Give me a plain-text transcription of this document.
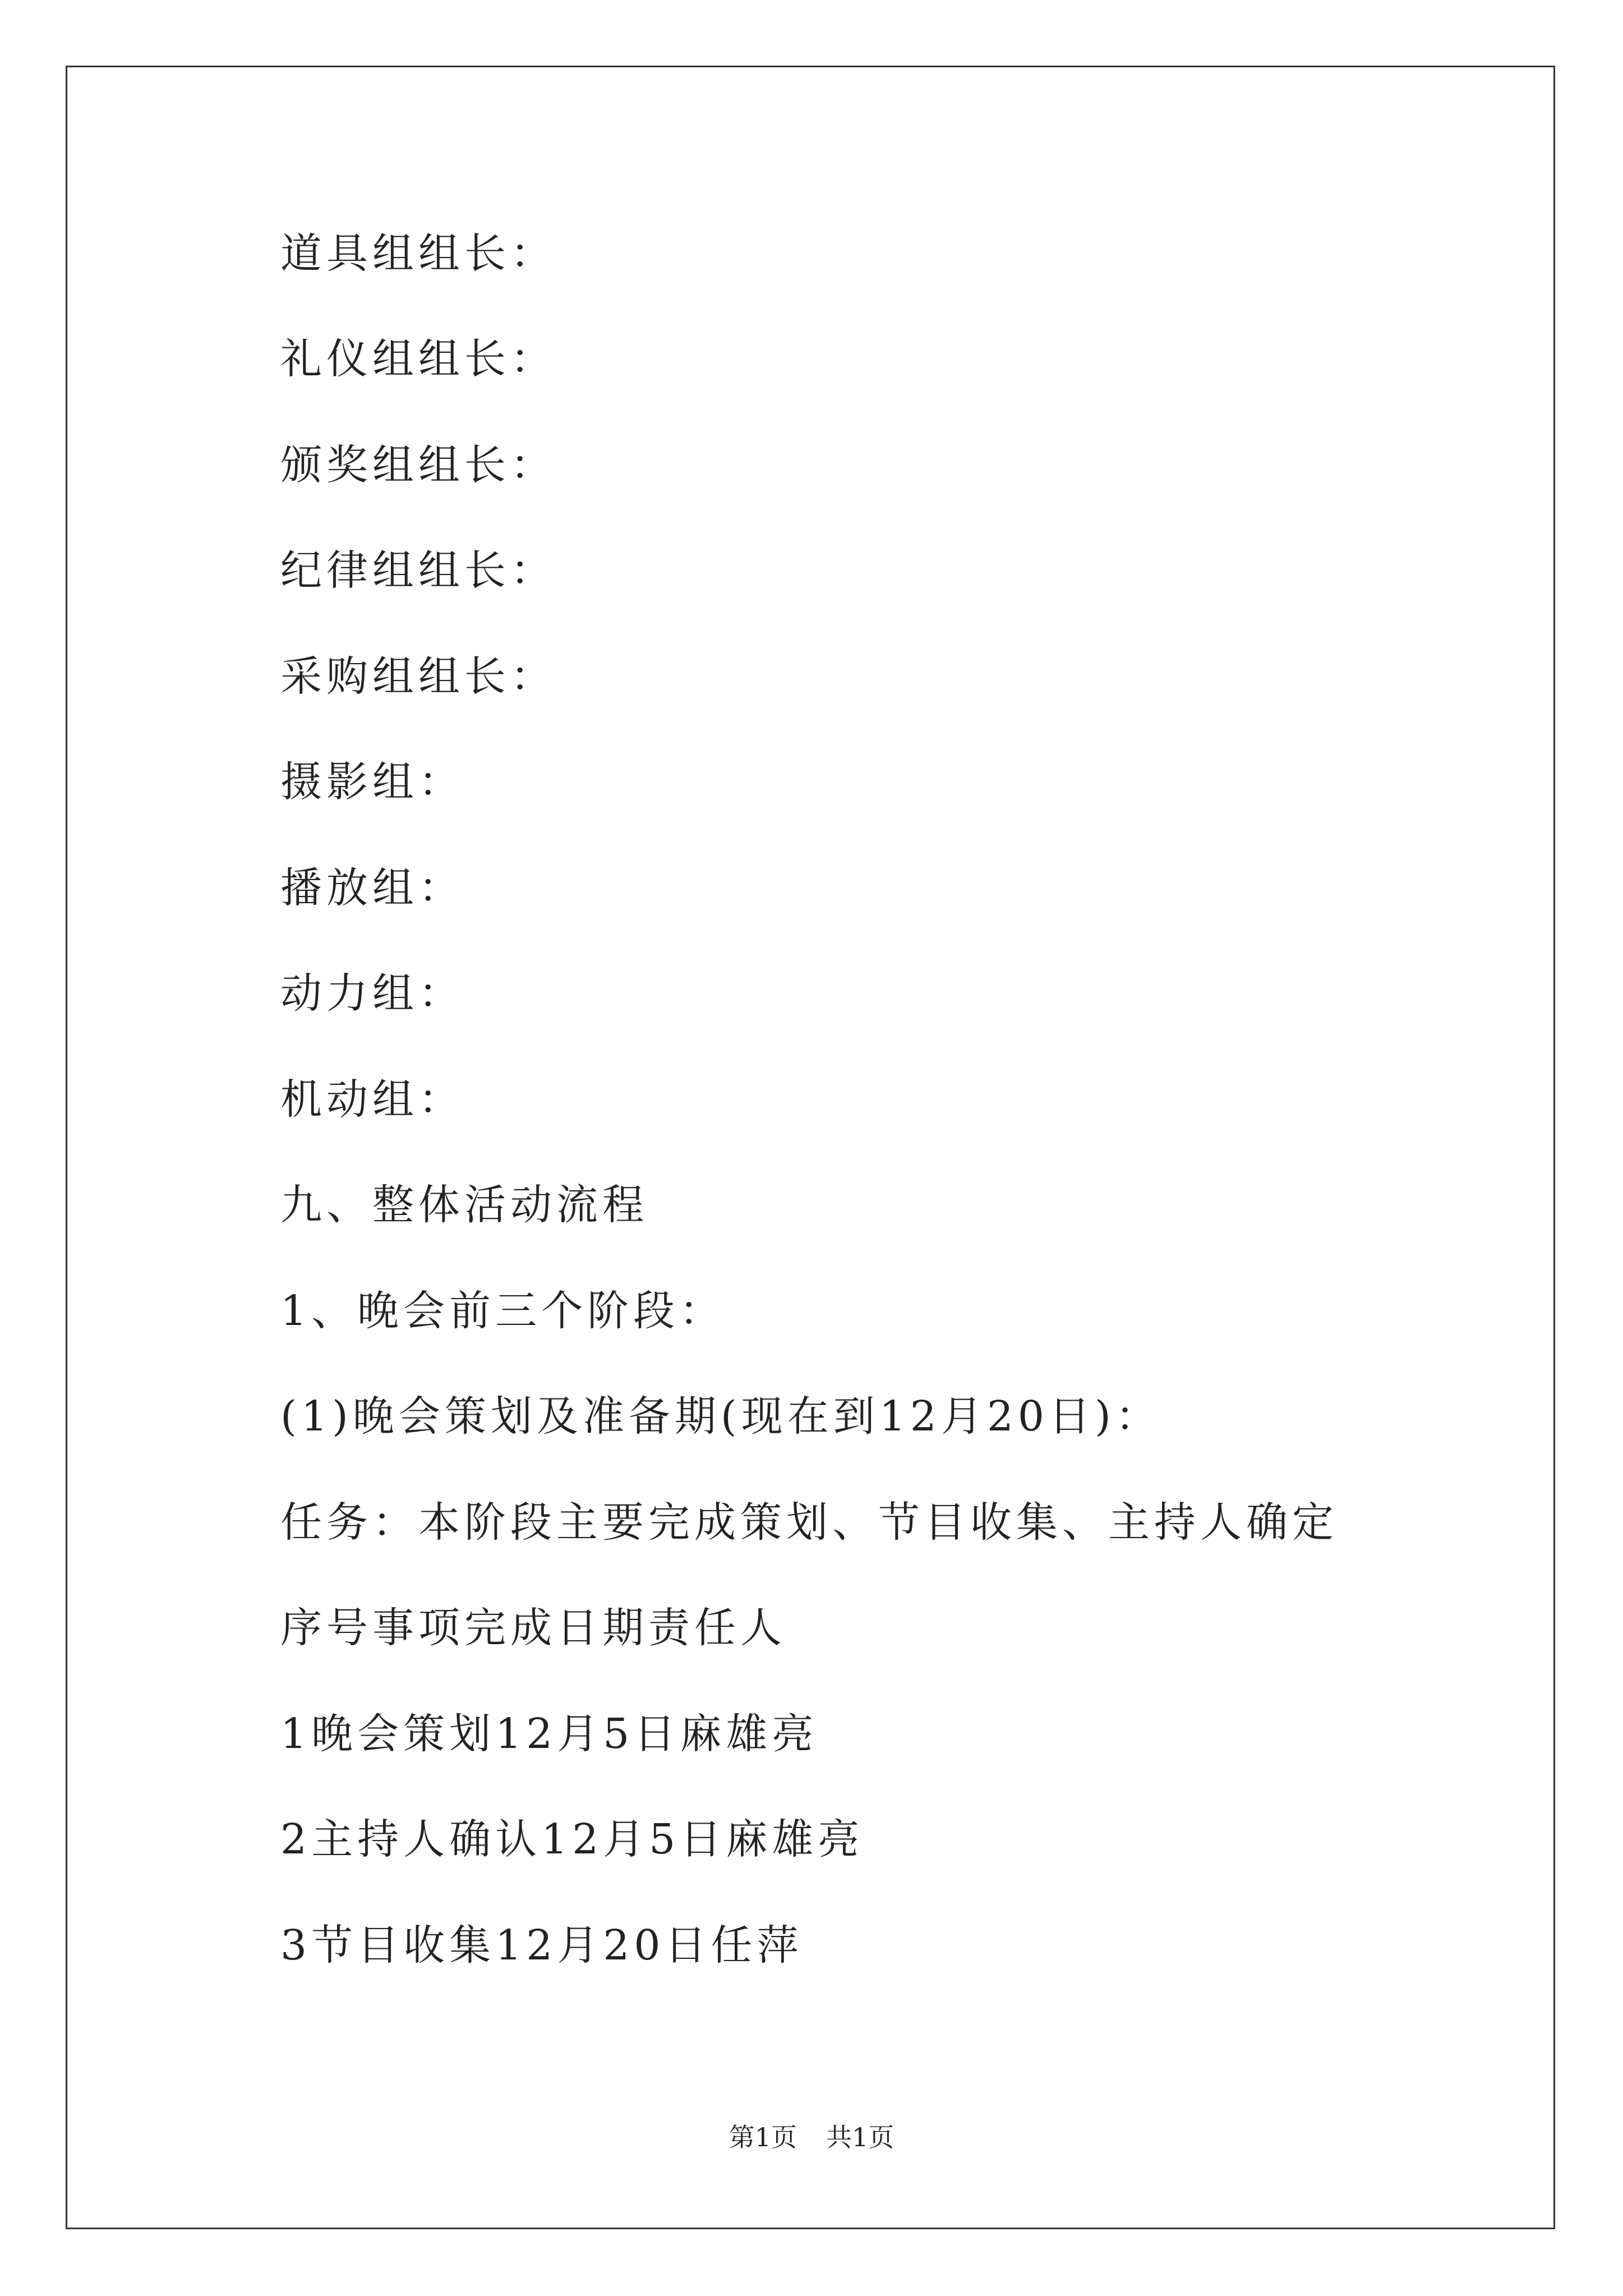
道具组组长：
礼仪组组长：
颁奖组组长：
纪律组组长：
采购组组长：
摄影组：
播放组：
动力组：
机动组：
九、整体活动流程
1、晚会前三个阶段：
(1)晚会策划及准备期(现在到12月20日)：
任务：本阶段主要完成策划、节目收集、主持人确定
序号事项完成日期责任人
1晚会策划12月5日麻雄亮
2主持人确认12月5日麻雄亮
3节目收集12月20日任萍
第1页 共1页
